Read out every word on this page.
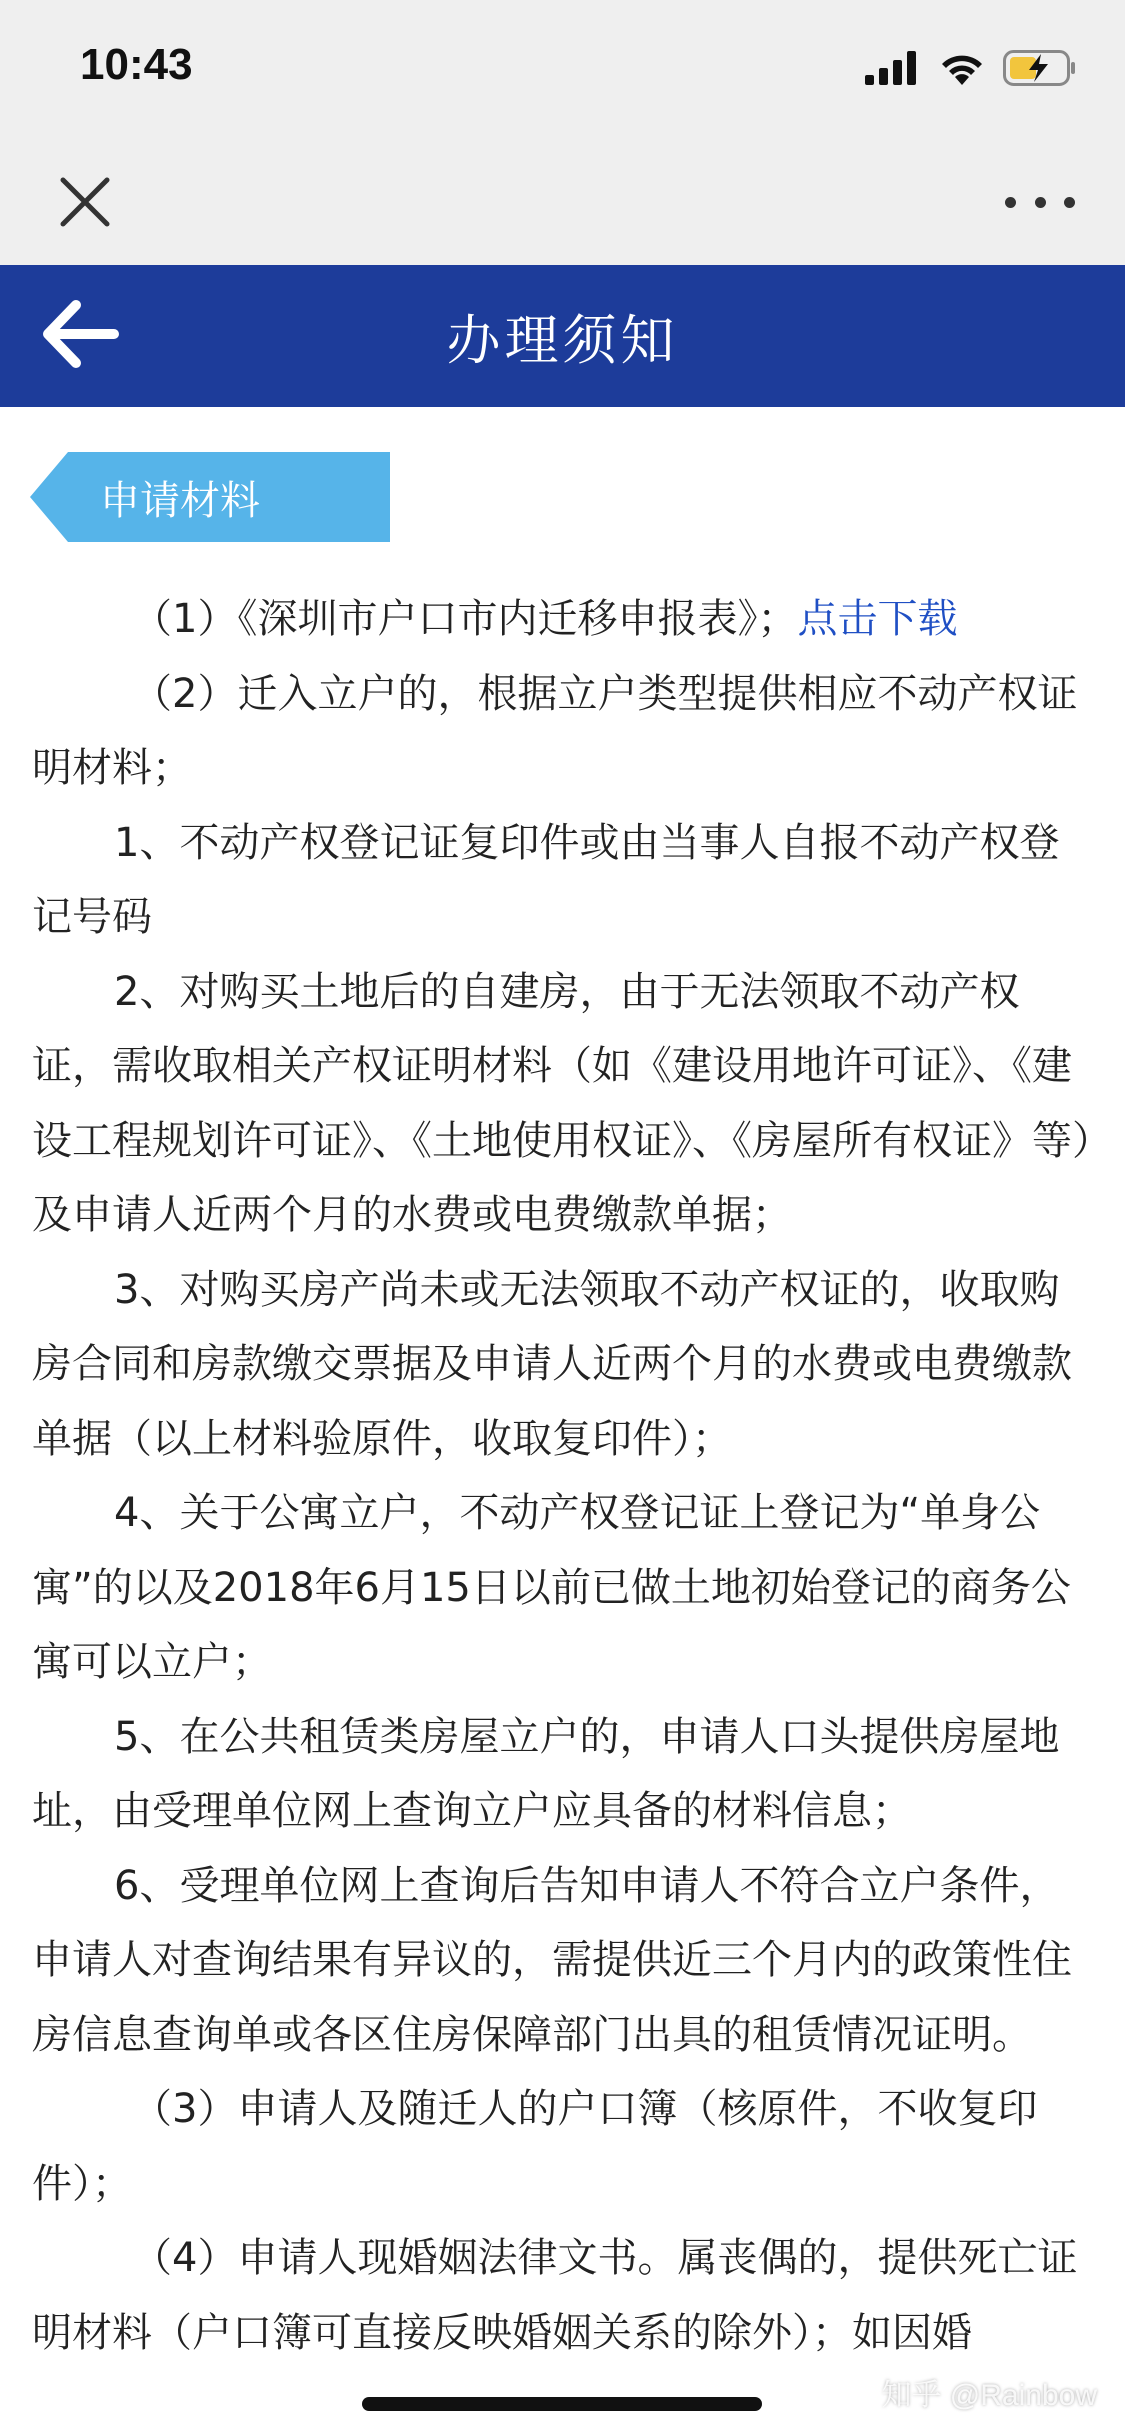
10:43
办理须知
申请材料

（1）《深圳市户口市内迁移申报表》；点击下载

（2）迁入立户的，根据立户类型提供相应不动产权证明材料；

1、不动产权登记证复印件或由当事人自报不动产权登记号码

2、对购买土地后的自建房，由于无法领取不动产权证，需收取相关产权证明材料（如《建设用地许可证》、《建设工程规划许可证》、《土地使用权证》、《房屋所有权证》等）及申请人近两个月的水费或电费缴款单据；

3、对购买房产尚未或无法领取不动产权证的，收取购房合同和房款缴交票据及申请人近两个月的水费或电费缴款单据（以上材料验原件，收取复印件）；

4、关于公寓立户，不动产权登记证上登记为“单身公寓”的以及2018年6月15日以前已做土地初始登记的商务公寓可以立户；

5、在公共租赁类房屋立户的，申请人口头提供房屋地址，由受理单位网上查询立户应具备的材料信息；

6、受理单位网上查询后告知申请人不符合立户条件，申请人对查询结果有异议的，需提供近三个月内的政策性住房信息查询单或各区住房保障部门出具的租赁情况证明。

（3）申请人及随迁人的户口簿（核原件，不收复印件）；

（4）申请人现婚姻法律文书。属丧偶的，提供死亡证明材料（户口簿可直接反映婚姻关系的除外）；如因婚

知乎 @Rainbow
